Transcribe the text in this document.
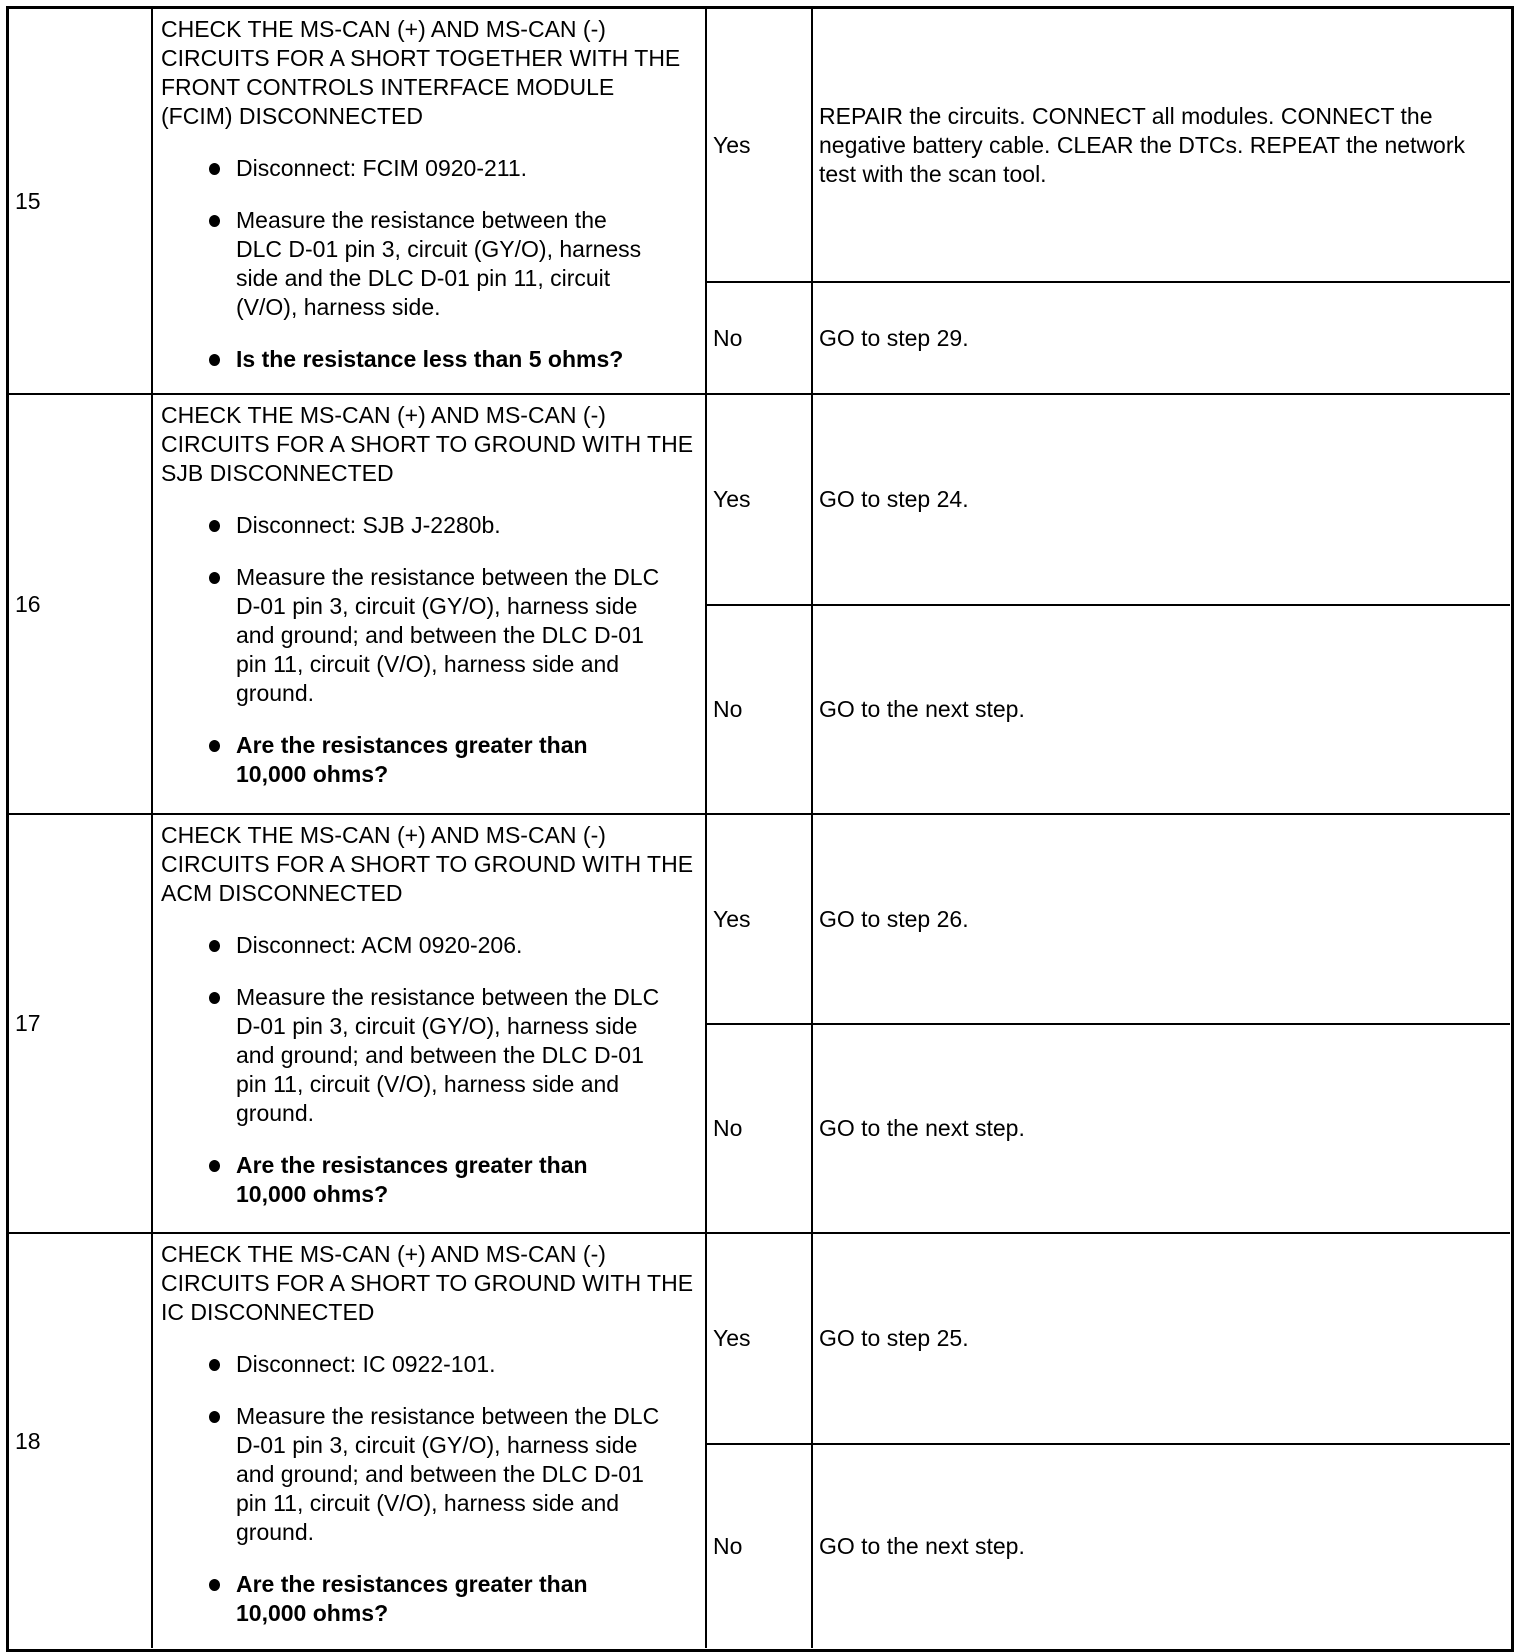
15
CHECK THE MS-CAN (+) AND MS-CAN (-) CIRCUITS FOR A SHORT TOGETHER WITH THE FRONT CONTROLS INTERFACE MODULE (FCIM) DISCONNECTED
Disconnect: FCIM 0920-211.
Measure the resistance between the DLC D-01 pin 3, circuit (GY/O), harness side and the DLC D-01 pin 11, circuit (V/O), harness side.
Is the resistance less than 5 ohms?
Yes
REPAIR the circuits. CONNECT all modules. CONNECT the negative battery cable. CLEAR the DTCs. REPEAT the network test with the scan tool.
No	GO to step 29.
16
CHECK THE MS-CAN (+) AND MS-CAN (-) CIRCUITS FOR A SHORT TO GROUND WITH THE SJB DISCONNECTED
Disconnect: SJB J-2280b.
Measure the resistance between the DLC D-01 pin 3, circuit (GY/O), harness side and ground; and between the DLC D-01 pin 11, circuit (V/O), harness side and ground.
Are the resistances greater than 10,000 ohms?
Yes	GO to step 24.
No	GO to the next step.
17
CHECK THE MS-CAN (+) AND MS-CAN (-) CIRCUITS FOR A SHORT TO GROUND WITH THE ACM DISCONNECTED
Disconnect: ACM 0920-206.
Measure the resistance between the DLC D-01 pin 3, circuit (GY/O), harness side and ground; and between the DLC D-01 pin 11, circuit (V/O), harness side and ground.
Are the resistances greater than 10,000 ohms?
Yes	GO to step 26.
No	GO to the next step.
18
CHECK THE MS-CAN (+) AND MS-CAN (-) CIRCUITS FOR A SHORT TO GROUND WITH THE IC DISCONNECTED
Disconnect: IC 0922-101.
Measure the resistance between the DLC D-01 pin 3, circuit (GY/O), harness side and ground; and between the DLC D-01 pin 11, circuit (V/O), harness side and ground.
Are the resistances greater than 10,000 ohms?
Yes	GO to step 25.
No	GO to the next step.
